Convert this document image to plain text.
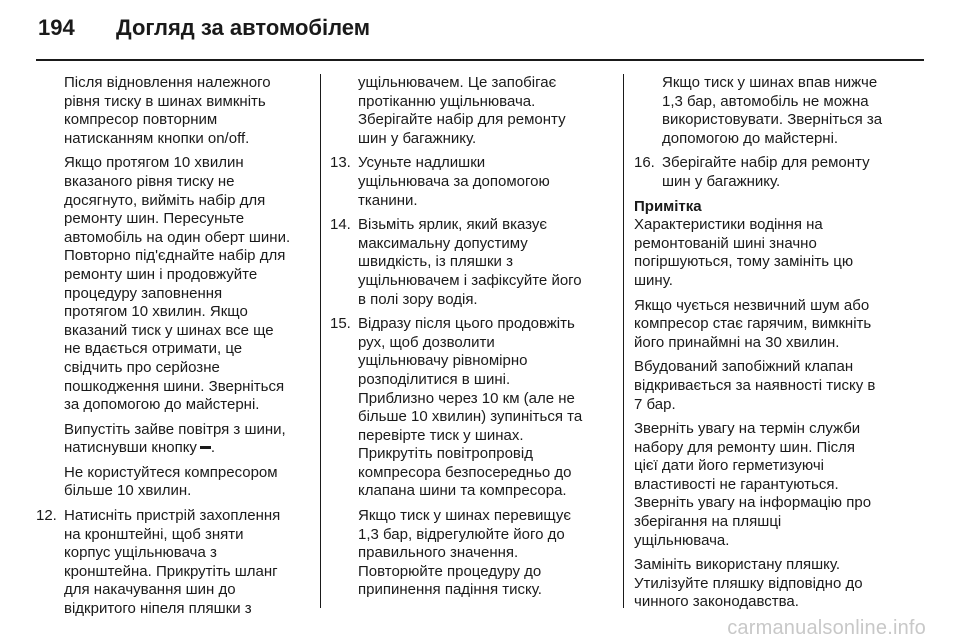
194 Догляд за автомобілем
Після відновлення належного
рівня тиску в шинах вимкніть
компресор повторним
натисканням кнопки on/off.
Якщо протягом 10 хвилин
вказаного рівня тиску не
досягнуто, вийміть набір для
ремонту шин. Пересуньте
автомобіль на один оберт шини.
Повторно під'єднайте набір для
ремонту шин і продовжуйте
процедуру заповнення
протягом 10 хвилин. Якщо
вказаний тиск у шинах все ще
не вдається отримати, це
свідчить про серйозне
пошкодження шини. Зверніться
за допомогою до майстерні.
Випустіть зайве повітря з шини,
натиснувши кнопку .
Не користуйтеся компресором
більше 10 хвилин.
12. Натисніть пристрій захоплення
на кронштейні, щоб зняти
корпус ущільнювача з
кронштейна. Прикрутіть шланг
для накачування шин до
відкритого ніпеля пляшки з
ущільнювачем. Це запобігає
протіканню ущільнювача.
Зберігайте набір для ремонту
шин у багажнику.
13. Усуньте надлишки
ущільнювача за допомогою
тканини.
14. Візьміть ярлик, який вказує
максимальну допустиму
швидкість, із пляшки з
ущільнювачем і зафіксуйте його
в полі зору водія.
15. Відразу після цього продовжіть
рух, щоб дозволити
ущільнювачу рівномірно
розподілитися в шині.
Приблизно через 10 км (але не
більше 10 хвилин) зупиніться та
перевірте тиск у шинах.
Прикрутіть повітропровід
компресора безпосередньо до
клапана шини та компресора.
Якщо тиск у шинах перевищує
1,3 бар, відрегулюйте його до
правильного значення.
Повторюйте процедуру до
припинення падіння тиску.
Якщо тиск у шинах впав нижче
1,3 бар, автомобіль не можна
використовувати. Зверніться за
допомогою до майстерні.
16. Зберігайте набір для ремонту
шин у багажнику.
Примітка
Характеристики водіння на
ремонтованій шині значно
погіршуються, тому замініть цю
шину.
Якщо чується незвичний шум або
компресор стає гарячим, вимкніть
його принаймні на 30 хвилин.
Вбудований запобіжний клапан
відкривається за наявності тиску в
7 бар.
Зверніть увагу на термін служби
набору для ремонту шин. Після
цієї дати його герметизуючі
властивості не гарантуються.
Зверніть увагу на інформацію про
зберігання на пляшці
ущільнювача.
Замініть використану пляшку.
Утилізуйте пляшку відповідно до
чинного законодавства.
carmanualsonline.info
